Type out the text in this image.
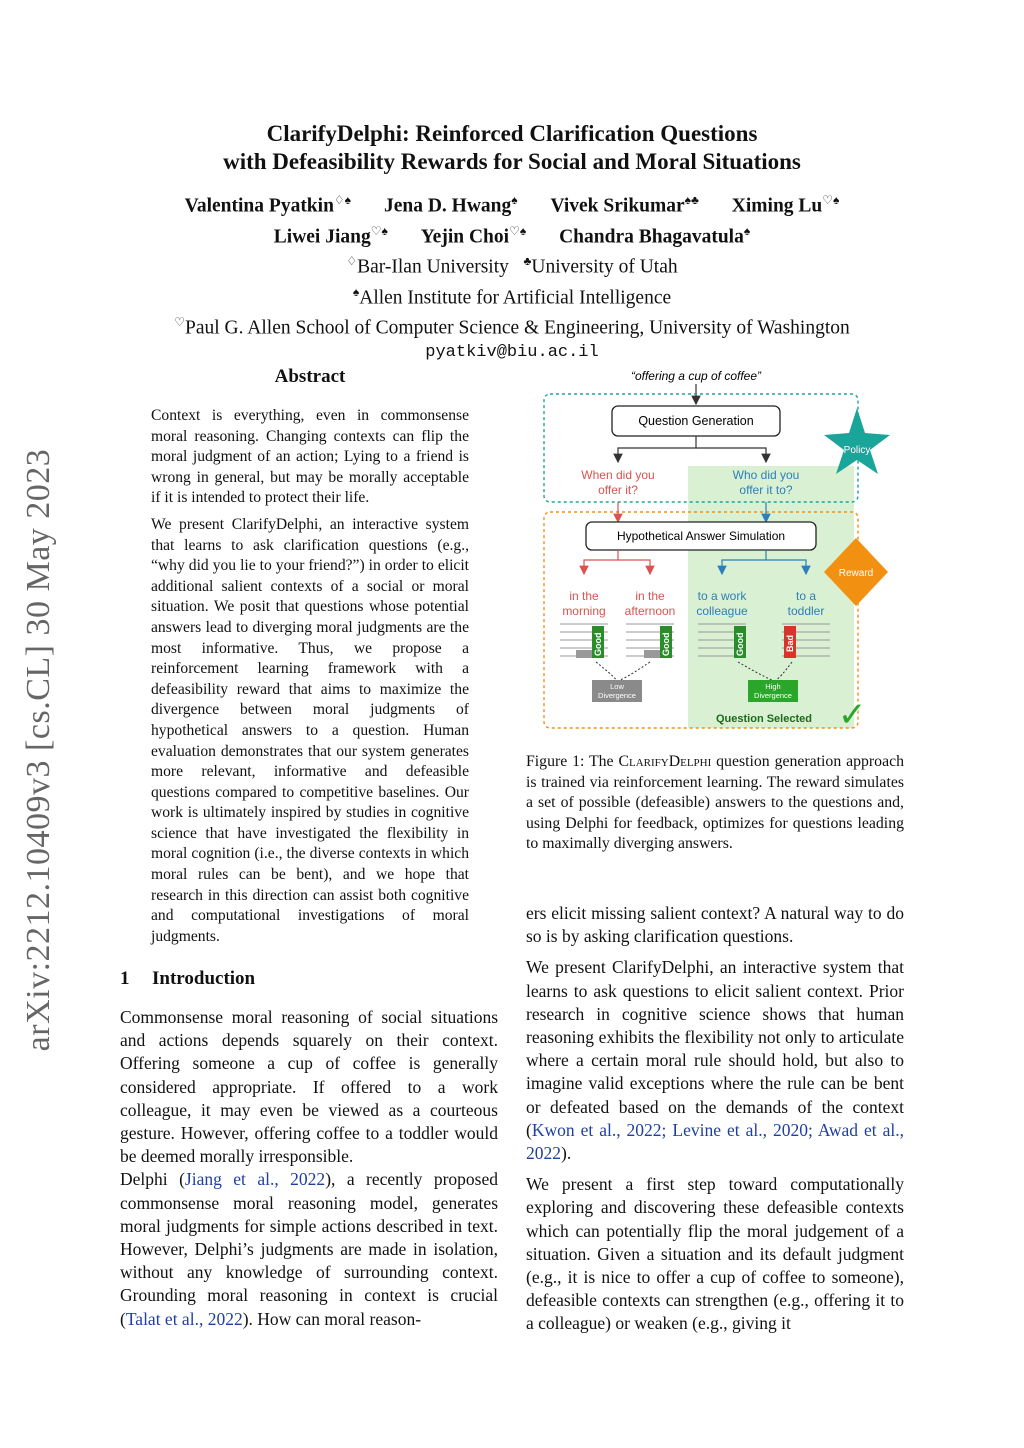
arXiv:2212.10409v3 [cs.CL] 30 May 2023
ClarifyDelphi: Reinforced Clarification Questions
with Defeasibility Rewards for Social and Moral Situations
Valentina Pyatkin♢♠ Jena D. Hwang♠ Vivek Srikumar♠♣ Ximing Lu♡♠
Liwei Jiang♡♠ Yejin Choi♡♠ Chandra Bhagavatula♠
♢Bar-Ilan University ♣University of Utah
♠Allen Institute for Artificial Intelligence
♡Paul G. Allen School of Computer Science & Engineering, University of Washington
pyatkiv@biu.ac.il
Abstract

Context is everything, even in commonsense moral reasoning. Changing contexts can flip the moral judgment of an action; Lying to a friend is wrong in general, but may be morally acceptable if it is intended to protect their life.

We present ClarifyDelphi, an interactive system that learns to ask clarification questions (e.g., “why did you lie to your friend?”) in order to elicit additional salient contexts of a social or moral situation. We posit that questions whose potential answers lead to diverging moral judgments are the most informative. Thus, we propose a reinforcement learning framework with a defeasibility reward that aims to maximize the divergence between moral judgments of hypothetical answers to a question. Human evaluation demonstrates that our system generates more relevant, informative and defeasible questions compared to competitive baselines. Our work is ultimately inspired by studies in cognitive science that have investigated the flexibility in moral cognition (i.e., the diverse contexts in which moral rules can be bent), and we hope that research in this direction can assist both cognitive and computational investigations of moral judgments.

1 Introduction

Commonsense moral reasoning of social situations and actions depends squarely on their context. Offering someone a cup of coffee is generally considered appropriate. If offered to a work colleague, it may even be viewed as a courteous gesture. However, offering coffee to a toddler would be deemed morally irresponsible.

Delphi (Jiang et al., 2022), a recently proposed commonsense moral reasoning model, generates moral judgments for simple actions described in text. However, Delphi’s judgments are made in isolation, without any knowledge of surrounding context. Grounding moral reasoning in context is crucial (Talat et al., 2022). How can moral reason-

“offering a cup of coffee”
Question Generation
When did you
offer it?
Who did you
offer it to?
Policy
Hypothetical Answer Simulation
Reward
in the
morning
in the
afternoon
to a work
colleague
to a
toddler
Good	Good	Good	Bad
Low
Divergence
High
Divergence
Question Selected ✓
Figure 1: The ClarifyDelphi question generation approach is trained via reinforcement learning. The reward simulates a set of possible (defeasible) answers to the questions and, using Delphi for feedback, optimizes for questions leading to maximally diverging answers.

ers elicit missing salient context? A natural way to do so is by asking clarification questions.

We present ClarifyDelphi, an interactive system that learns to ask questions to elicit salient context. Prior research in cognitive science shows that human reasoning exhibits the flexibility not only to articulate where a certain moral rule should hold, but also to imagine valid exceptions where the rule can be bent or defeated based on the demands of the context (Kwon et al., 2022; Levine et al., 2020; Awad et al., 2022).

We present a first step toward computationally exploring and discovering these defeasible contexts which can potentially flip the moral judgement of a situation. Given a situation and its default judgment (e.g., it is nice to offer a cup of coffee to someone), defeasible contexts can strengthen (e.g., offering it to a colleague) or weaken (e.g., giving it
